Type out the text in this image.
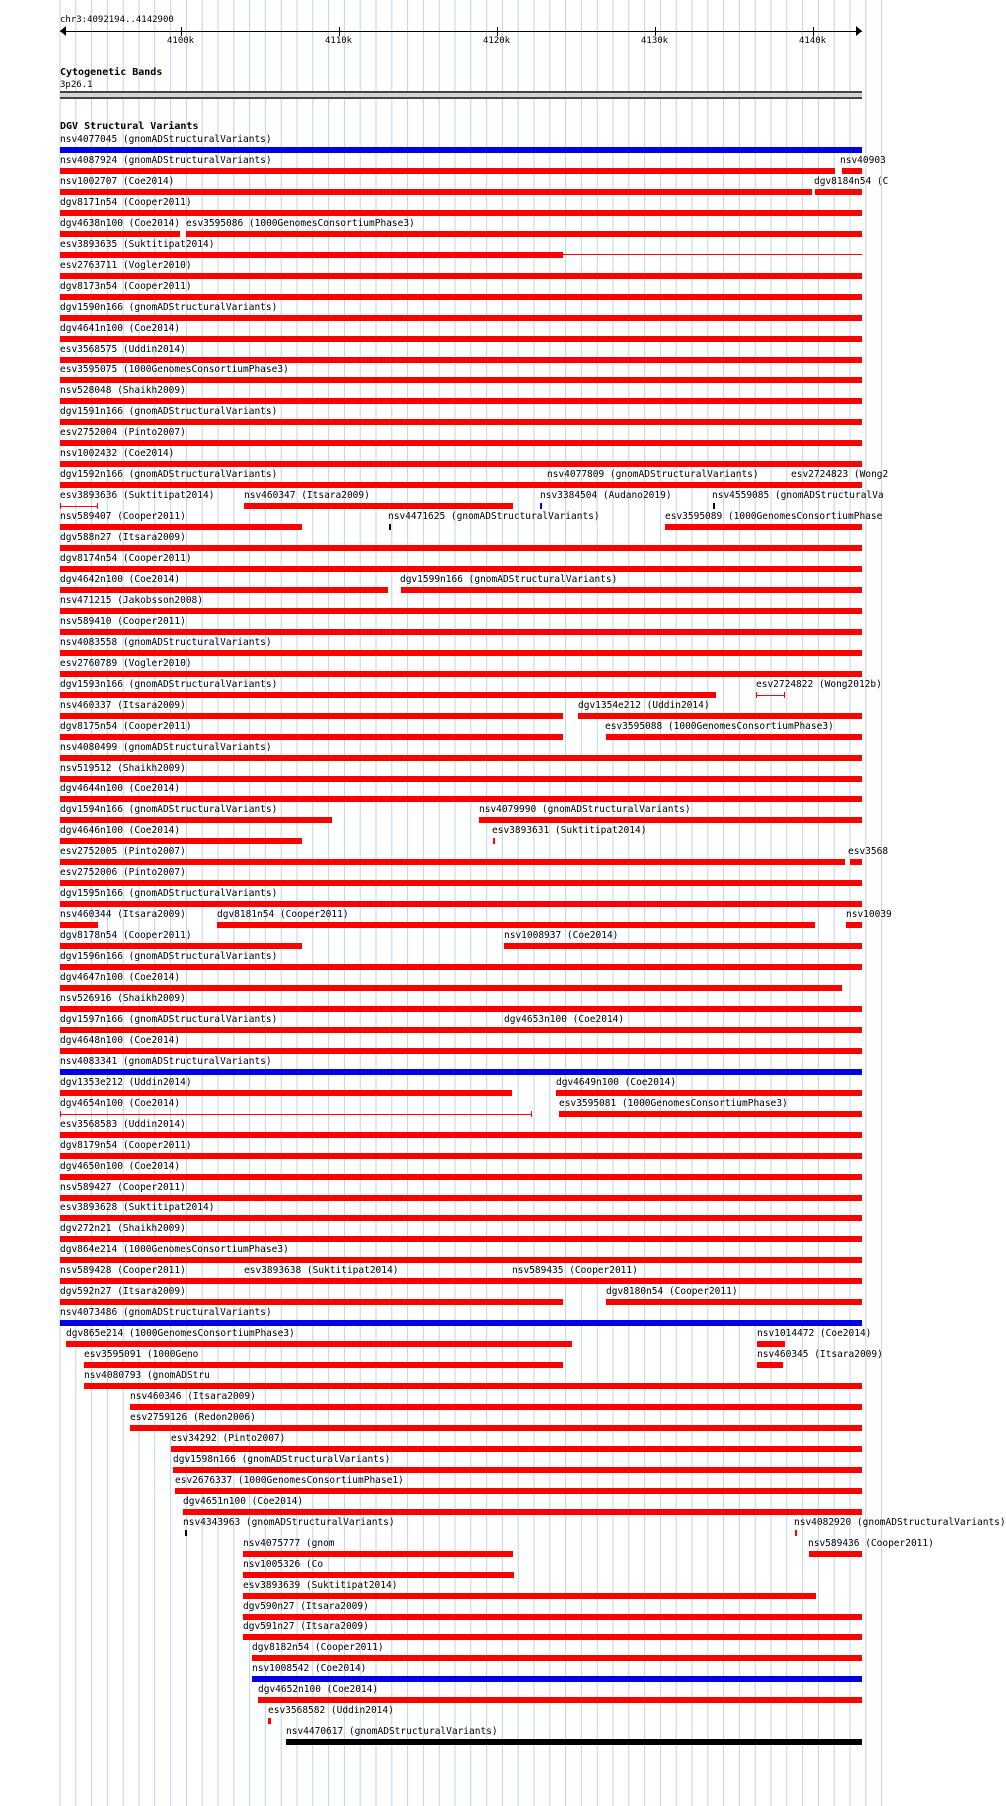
chr3:4092194..4142900
4100k	4110k	4120k	4130k	4140k
Cytogenetic Bands
3p26.1
DGV Structural Variants
nsv4077045 (gnomADStructuralVariants)
nsv4087924 (gnomADStructuralVariants)	nsv40903
nsv1002707 (Coe2014)	dgv8184n54 (C
dgv8171n54 (Cooper2011)
dgv4638n100 (Coe2014) esv3595086 (1000GenomesConsortiumPhase3)
esv3893635 (Suktitipat2014)
esv2763711 (Vogler2010)
dgv8173n54 (Cooper2011)
dgv1590n166 (gnomADStructuralVariants)
dgv4641n100 (Coe2014)
esv3568575 (Uddin2014)
esv3595075 (1000GenomesConsortiumPhase3)
nsv528048 (Shaikh2009)
dgv1591n166 (gnomADStructuralVariants)
esv2752004 (Pinto2007)
nsv1002432 (Coe2014)
dgv1592n166 (gnomADStructuralVariants)	nsv4077809 (gnomADStructuralVariants)	esv2724823 (Wong2
esv3893636 (Suktitipat2014)	nsv460347 (Itsara2009)	nsv3384504 (Audano2019)	nsv4559085 (gnomADStructuralVa
nsv589407 (Cooper2011)	nsv4471625 (gnomADStructuralVariants)	esv3595089 (1000GenomesConsortiumPhase
dgv588n27 (Itsara2009)
dgv8174n54 (Cooper2011)
dgv4642n100 (Coe2014)	dgv1599n166 (gnomADStructuralVariants)
nsv471215 (Jakobsson2008)
nsv589410 (Cooper2011)
nsv4083558 (gnomADStructuralVariants)
esv2760789 (Vogler2010)
dgv1593n166 (gnomADStructuralVariants)	esv2724822 (Wong2012b)
nsv460337 (Itsara2009)	dgv1354e212 (Uddin2014)
dgv8175n54 (Cooper2011)	esv3595088 (1000GenomesConsortiumPhase3)
nsv4080499 (gnomADStructuralVariants)
nsv519512 (Shaikh2009)
dgv4644n100 (Coe2014)
dgv1594n166 (gnomADStructuralVariants)	nsv4079990 (gnomADStructuralVariants)
dgv4646n100 (Coe2014)	esv3893631 (Suktitipat2014)
esv2752005 (Pinto2007)	esv3568
esv2752006 (Pinto2007)
dgv1595n166 (gnomADStructuralVariants)
nsv460344 (Itsara2009)	dgv8181n54 (Cooper2011)	nsv10039
dgv8178n54 (Cooper2011)	nsv1008937 (Coe2014)
dgv1596n166 (gnomADStructuralVariants)
dgv4647n100 (Coe2014)
nsv526916 (Shaikh2009)
dgv1597n166 (gnomADStructuralVariants)	dgv4653n100 (Coe2014)
dgv4648n100 (Coe2014)
nsv4083341 (gnomADStructuralVariants)
dgv1353e212 (Uddin2014)	dgv4649n100 (Coe2014)
dgv4654n100 (Coe2014)	esv3595081 (1000GenomesConsortiumPhase3)
esv3568583 (Uddin2014)
dgv8179n54 (Cooper2011)
dgv4650n100 (Coe2014)
nsv589427 (Cooper2011)
esv3893628 (Suktitipat2014)
dgv272n21 (Shaikh2009)
dgv864e214 (1000GenomesConsortiumPhase3)
nsv589428 (Cooper2011)	esv3893638 (Suktitipat2014)	nsv589435 (Cooper2011)
dgv592n27 (Itsara2009)	dgv8180n54 (Cooper2011)
nsv4073486 (gnomADStructuralVariants)
dgv865e214 (1000GenomesConsortiumPhase3)	nsv1014472 (Coe2014)
esv3595091 (1000Geno	nsv460345 (Itsara2009)
nsv4080793 (gnomADStru
nsv460346 (Itsara2009)
esv2759126 (Redon2006)
esv34292 (Pinto2007)
dgv1598n166 (gnomADStructuralVariants)
esv2676337 (1000GenomesConsortiumPhase1)
dgv4651n100 (Coe2014)
nsv4343963 (gnomADStructuralVariants)	nsv4082920 (gnomADStructuralVariants)
nsv4075777 (gnom	nsv589436 (Cooper2011)
nsv1005326 (Co
esv3893639 (Suktitipat2014)
dgv590n27 (Itsara2009)
dgv591n27 (Itsara2009)
dgv8182n54 (Cooper2011)
nsv1008542 (Coe2014)
dgv4652n100 (Coe2014)
esv3568582 (Uddin2014)
nsv4470617 (gnomADStructuralVariants)
